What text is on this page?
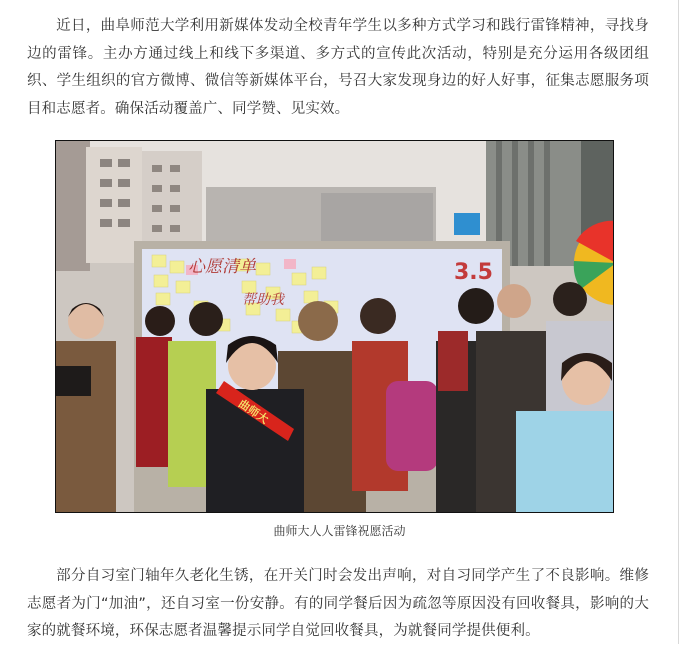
近日，曲阜师范大学利用新媒体发动全校青年学生以多种方式学习和践行雷锋精神，寻找身边的雷锋。主办方通过线上和线下多渠道、多方式的宣传此次活动，特别是充分运用各级团组织、学生组织的官方微博、微信等新媒体平台，号召大家发现身边的好人好事，征集志愿服务项目和志愿者。确保活动覆盖广、同学赞、见实效。

心愿清单
帮助我
3.5
曲师大
曲师大人人雷锋祝愿活动

部分自习室门轴年久老化生锈，在开关门时会发出声响，对自习同学产生了不良影响。维修志愿者为门“加油”，还自习室一份安静。有的同学餐后因为疏忽等原因没有回收餐具，影响的大家的就餐环境，环保志愿者温馨提示同学自觉回收餐具，为就餐同学提供便利。
